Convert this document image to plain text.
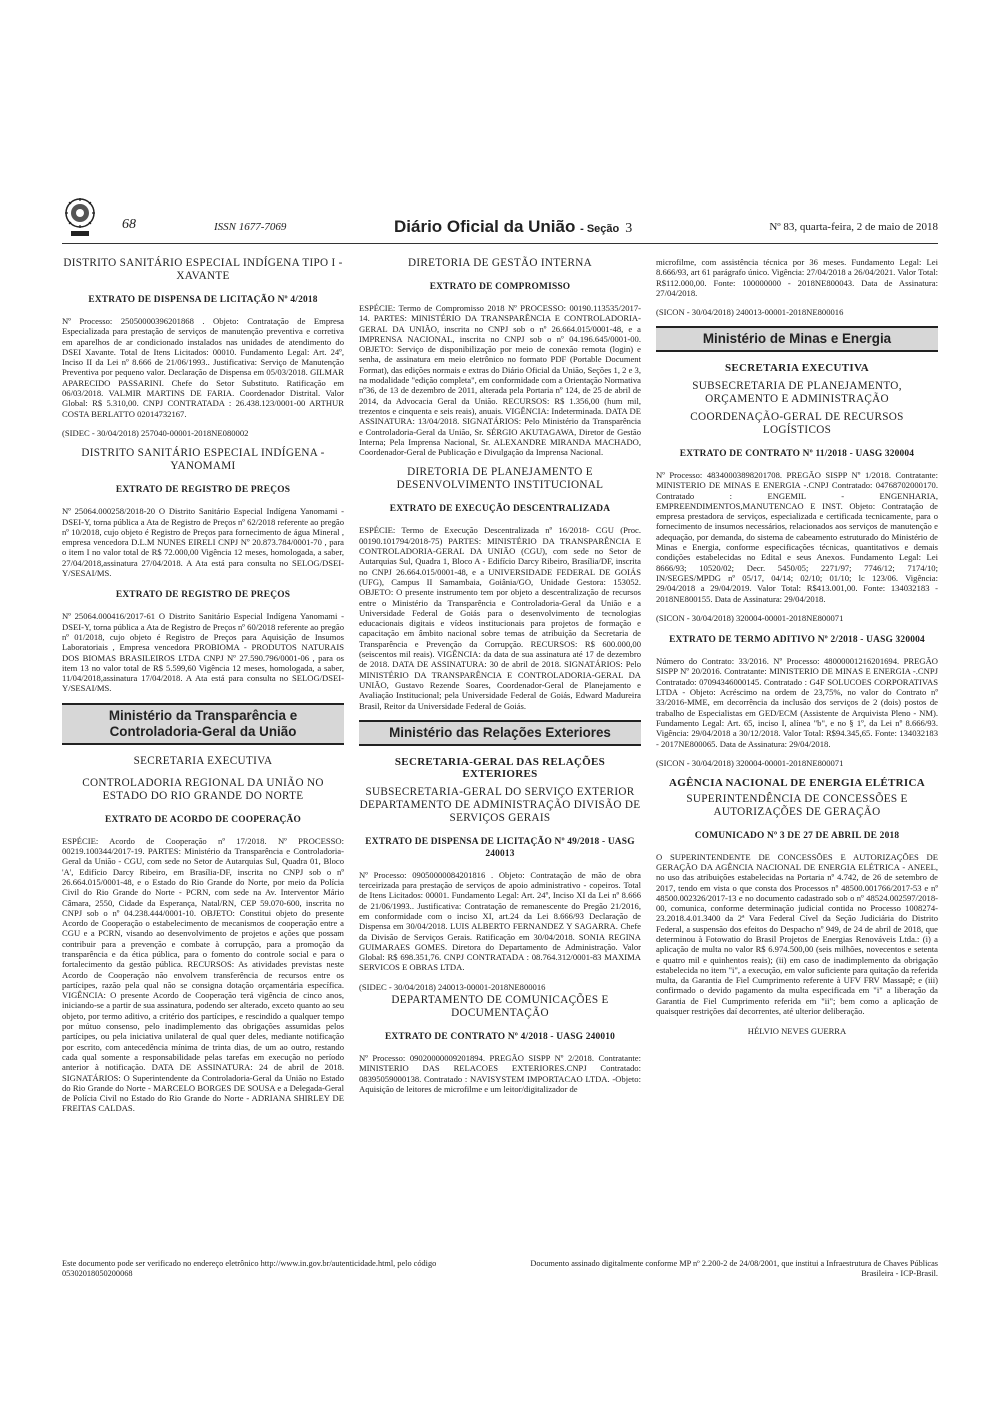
68	ISSN 1677-7069	Diário Oficial da União - Seção 3	Nº 83, quarta-feira, 2 de maio de 2018

DISTRITO SANITÁRIO ESPECIAL INDÍGENA TIPO I - XAVANTE

EXTRATO DE DISPENSA DE LICITAÇÃO Nº 4/2018

Nº Processo: 25050000396201868 . Objeto: Contratação de Empresa Especializada para prestação de serviços de manutenção preventiva e corretiva em aparelhos de ar condicionado instalados nas unidades de atendimento do DSEI Xavante. Total de Itens Licitados: 00010. Fundamento Legal: Art. 24º, Inciso II da Lei nº 8.666 de 21/06/1993.. Justificativa: Serviço de Manutenção Preventiva por pequeno valor. Declaração de Dispensa em 05/03/2018. GILMAR APARECIDO PASSARINI. Chefe do Setor Substituto. Ratificação em 06/03/2018. VALMIR MARTINS DE FARIA. Coordenador Distrital. Valor Global: R$ 5.310,00. CNPJ CONTRATADA : 26.438.123/0001-00 ARTHUR COSTA BERLATTO 02014732167.

(SIDEC - 30/04/2018) 257040-00001-2018NE080002

DISTRITO SANITÁRIO ESPECIAL INDÍGENA - YANOMAMI

EXTRATO DE REGISTRO DE PREÇOS

Nº 25064.000258/2018-20 O Distrito Sanitário Especial Indígena Yanomami - DSEI-Y, torna pública a Ata de Registro de Preços nº 62/2018 referente ao pregão nº 10/2018, cujo objeto é Registro de Preços para fornecimento de água Mineral , empresa vencedora D.L.M NUNES EIRELI CNPJ Nº 20.873.784/0001-70 , para o item I no valor total de R$ 72.000,00 Vigência 12 meses, homologada, a saber, 27/04/2018,assinatura 27/04/2018. A Ata está para consulta no SELOG/DSEI-Y/SESAI/MS.

EXTRATO DE REGISTRO DE PREÇOS

Nº 25064.000416/2017-61 O Distrito Sanitário Especial Indígena Yanomami - DSEI-Y, torna pública a Ata de Registro de Preços nº 60/2018 referente ao pregão nº 01/2018, cujo objeto é Registro de Preços para Aquisição de Insumos Laboratoriais , Empresa vencedora PROBIOMA - PRODUTOS NATURAIS DOS BIOMAS BRASILEIROS LTDA CNPJ Nº 27.590.796/0001-06 , para os item 13 no valor total de R$ 5.599,60 Vigência 12 meses, homologada, a saber, 11/04/2018,assinatura 17/04/2018. A Ata está para consulta no SELOG/DSEI-Y/SESAI/MS.

Ministério da Transparência e Controladoria-Geral da União

SECRETARIA EXECUTIVA

CONTROLADORIA REGIONAL DA UNIÃO NO ESTADO DO RIO GRANDE DO NORTE

EXTRATO DE ACORDO DE COOPERAÇÃO

ESPÉCIE: Acordo de Cooperação nº 17/2018. Nº PROCESSO: 00219.100344/2017-19. PARTES: Ministério da Transparência e Controladoria-Geral da União - CGU, com sede no Setor de Autarquias Sul, Quadra 01, Bloco 'A', Edifício Darcy Ribeiro, em Brasília-DF, inscrita no CNPJ sob o nº 26.664.015/0001-48, e o Estado do Rio Grande do Norte, por meio da Polícia Civil do Rio Grande do Norte - PCRN, com sede na Av. Interventor Mário Câmara, 2550, Cidade da Esperança, Natal/RN, CEP 59.070-600, inscrita no CNPJ sob o nº 04.238.444/0001-10. OBJETO: Constitui objeto do presente Acordo de Cooperação o estabelecimento de mecanismos de cooperação entre a CGU e a PCRN, visando ao desenvolvimento de projetos e ações que possam contribuir para a prevenção e combate à corrupção, para a promoção da transparência e da ética pública, para o fomento do controle social e para o fortalecimento da gestão pública. RECURSOS: As atividades previstas neste Acordo de Cooperação não envolvem transferência de recursos entre os partícipes, razão pela qual não se consigna dotação orçamentária específica. VIGÊNCIA: O presente Acordo de Cooperação terá vigência de cinco anos, iniciando-se a partir de sua assinatura, podendo ser alterado, exceto quanto ao seu objeto, por termo aditivo, a critério dos partícipes, e rescindido a qualquer tempo por mútuo consenso, pelo inadimplemento das obrigações assumidas pelos partícipes, ou pela iniciativa unilateral de qual quer deles, mediante notificação por escrito, com antecedência mínima de trinta dias, de um ao outro, restando cada qual somente a responsabilidade pelas tarefas em execução no período anterior à notificação. DATA DE ASSINATURA: 24 de abril de 2018. SIGNATÁRIOS: O Superintendente da Controladoria-Geral da União no Estado do Rio Grande do Norte - MARCELO BORGES DE SOUSA e a Delegada-Geral de Polícia Civil no Estado do Rio Grande do Norte - ADRIANA SHIRLEY DE FREITAS CALDAS.

DIRETORIA DE GESTÃO INTERNA

EXTRATO DE COMPROMISSO

ESPÉCIE: Termo de Compromisso 2018 Nº PROCESSO: 00190.113535/2017-14. PARTES: MINISTÉRIO DA TRANSPARÊNCIA E CONTROLADORIA-GERAL DA UNIÃO, inscrita no CNPJ sob o nº 26.664.015/0001-48, e a IMPRENSA NACIONAL, inscrita no CNPJ sob o nº 04.196.645/0001-00. OBJETO: Serviço de disponibilização por meio de conexão remota (login) e senha, de assinatura em meio eletrônico no formato PDF (Portable Document Format), das edições normais e extras do Diário Oficial da União, Seções 1, 2 e 3, na modalidade "edição completa", em conformidade com a Orientação Normativa nº36, de 13 de dezembro de 2011, alterada pela Portaria nº 124, de 25 de abril de 2014, da Advocacia Geral da União. RECURSOS: R$ 1.356,00 (hum mil, trezentos e cinquenta e seis reais), anuais. VIGÊNCIA: Indeterminada. DATA DE ASSINATURA: 13/04/2018. SIGNATÁRIOS: Pelo Ministério da Transparência e Controladoria-Geral da União, Sr. SÉRGIO AKUTAGAWA, Diretor de Gestão Interna; Pela Imprensa Nacional, Sr. ALEXANDRE MIRANDA MACHADO, Coordenador-Geral de Publicação e Divulgação da Imprensa Nacional.

DIRETORIA DE PLANEJAMENTO E DESENVOLVIMENTO INSTITUCIONAL

EXTRATO DE EXECUÇÃO DESCENTRALIZADA

ESPÉCIE: Termo de Execução Descentralizada nº 16/2018- CGU (Proc. 00190.101794/2018-75) PARTES: MINISTÉRIO DA TRANSPARÊNCIA E CONTROLADORIA-GERAL DA UNIÃO (CGU), com sede no Setor de Autarquias Sul, Quadra 1, Bloco A - Edifício Darcy Ribeiro, Brasília/DF, inscrita no CNPJ 26.664.015/0001-48, e a UNIVERSIDADE FEDERAL DE GOIÁS (UFG), Campus II Samambaia, Goiânia/GO, Unidade Gestora: 153052. OBJETO: O presente instrumento tem por objeto a descentralização de recursos entre o Ministério da Transparência e Controladoria-Geral da União e a Universidade Federal de Goiás para o desenvolvimento de tecnologias educacionais digitais e vídeos institucionais para projetos de formação e capacitação em âmbito nacional sobre temas de atribuição da Secretaria de Transparência e Prevenção da Corrupção. RECURSOS: R$ 600.000,00 (seiscentos mil reais). VIGÊNCIA: da data de sua assinatura até 17 de dezembro de 2018. DATA DE ASSINATURA: 30 de abril de 2018. SIGNATÁRIOS: Pelo MINISTÉRIO DA TRANSPARÊNCIA E CONTROLADORIA-GERAL DA UNIÃO, Gustavo Rezende Soares, Coordenador-Geral de Planejamento e Avaliação Institucional; pela Universidade Federal de Goiás, Edward Madureira Brasil, Reitor da Universidade Federal de Goiás.

Ministério das Relações Exteriores

SECRETARIA-GERAL DAS RELAÇÕES EXTERIORES

SUBSECRETARIA-GERAL DO SERVIÇO EXTERIOR DEPARTAMENTO DE ADMINISTRAÇÃO DIVISÃO DE SERVIÇOS GERAIS

EXTRATO DE DISPENSA DE LICITAÇÃO Nº 49/2018 - UASG 240013

Nº Processo: 09050000084201816 . Objeto: Contratação de mão de obra terceirizada para prestação de serviços de apoio administrativo - copeiros. Total de Itens Licitados: 00001. Fundamento Legal: Art. 24º, Inciso XI da Lei nº 8.666 de 21/06/1993.. Justificativa: Contratação de remanescente do Pregão 21/2016, em conformidade com o inciso XI, art.24 da Lei 8.666/93 Declaração de Dispensa em 30/04/2018. LUIS ALBERTO FERNANDEZ Y SAGARRA. Chefe da Divisão de Serviços Gerais. Ratificação em 30/04/2018. SONIA REGINA GUIMARAES GOMES. Diretora do Departamento de Administração. Valor Global: R$ 698.351,76. CNPJ CONTRATADA : 08.764.312/0001-83 MAXIMA SERVICOS E OBRAS LTDA.

(SIDEC - 30/04/2018) 240013-00001-2018NE800016

DEPARTAMENTO DE COMUNICAÇÕES E DOCUMENTAÇÃO

EXTRATO DE CONTRATO Nº 4/2018 - UASG 240010

Nº Processo: 09020000009201894. PREGÃO SISPP Nº 2/2018. Contratante: MINISTERIO DAS RELACOES EXTERIORES.CNPJ Contratado: 08395059000138. Contratado : NAVISYSTEM IMPORTACAO LTDA. -Objeto: Aquisição de leitores de microfilme e um leitor/digitalizador de

microfilme, com assistência técnica por 36 meses. Fundamento Legal: Lei 8.666/93, art 61 parágrafo único. Vigência: 27/04/2018 a 26/04/2021. Valor Total: R$112.000,00. Fonte: 100000000 - 2018NE800043. Data de Assinatura: 27/04/2018.

(SICON - 30/04/2018) 240013-00001-2018NE800016

Ministério de Minas e Energia

SECRETARIA EXECUTIVA

SUBSECRETARIA DE PLANEJAMENTO, ORÇAMENTO E ADMINISTRAÇÃO

COORDENAÇÃO-GERAL DE RECURSOS LOGÍSTICOS

EXTRATO DE CONTRATO Nº 11/2018 - UASG 320004

Nº Processo: 48340003898201708. PREGÃO SISPP Nº 1/2018. Contratante: MINISTERIO DE MINAS E ENERGIA -.CNPJ Contratado: 04768702000170. Contratado : ENGEMIL - ENGENHARIA, EMPREENDIMENTOS,MANUTENCAO E INST. Objeto: Contratação de empresa prestadora de serviços, especializada e certificada tecnicamente, para o fornecimento de insumos necessários, relacionados aos serviços de manutenção e adequação, por demanda, do sistema de cabeamento estruturado do Ministério de Minas e Energia, conforme especificações técnicas, quantitativos e demais condições estabelecidas no Edital e seus Anexos. Fundamento Legal: Lei 8666/93; 10520/02; Decr. 5450/05; 2271/97; 7746/12; 7174/10; IN/SEGES/MPDG nº 05/17, 04/14; 02/10; 01/10; lc 123/06. Vigência: 29/04/2018 a 29/04/2019. Valor Total: R$413.001,00. Fonte: 134032183 - 2018NE800155. Data de Assinatura: 29/04/2018.

(SICON - 30/04/2018) 320004-00001-2018NE800071

EXTRATO DE TERMO ADITIVO Nº 2/2018 - UASG 320004

Número do Contrato: 33/2016. Nº Processo: 48000001216201694. PREGÃO SISPP Nº 20/2016. Contratante: MINISTERIO DE MINAS E ENERGIA -.CNPJ Contratado: 07094346000145. Contratado : G4F SOLUCOES CORPORATIVAS LTDA - Objeto: Acréscimo na ordem de 23,75%, no valor do Contrato nº 33/2016-MME, em decorrência da inclusão dos serviços de 2 (dois) postos de trabalho de Especialistas em GED/ECM (Assistente de Arquivista Pleno - NM). Fundamento Legal: Art. 65, inciso I, alínea "b", e no § 1º, da Lei nº 8.666/93. Vigência: 29/04/2018 a 30/12/2018. Valor Total: R$94.345,65. Fonte: 134032183 - 2017NE800065. Data de Assinatura: 29/04/2018.

(SICON - 30/04/2018) 320004-00001-2018NE800071

AGÊNCIA NACIONAL DE ENERGIA ELÉTRICA

SUPERINTENDÊNCIA DE CONCESSÕES E AUTORIZAÇÕES DE GERAÇÃO

COMUNICADO Nº 3 DE 27 DE ABRIL DE 2018

O SUPERINTENDENTE DE CONCESSÕES E AUTORIZAÇÕES DE GERAÇÃO DA AGÊNCIA NACIONAL DE ENERGIA ELÉTRICA - ANEEL, no uso das atribuições estabelecidas na Portaria nº 4.742, de 26 de setembro de 2017, tendo em vista o que consta dos Processos nº 48500.001766/2017-53 e nº 48500.002326/2017-13 e no documento cadastrado sob o nº 48524.002597/2018-00, comunica, conforme determinação judicial contida no Processo 1008274-23.2018.4.01.3400 da 2ª Vara Federal Cível da Seção Judiciária do Distrito Federal, a suspensão dos efeitos do Despacho nº 949, de 24 de abril de 2018, que determinou à Fotowatio do Brasil Projetos de Energias Renováveis Ltda.: (i) a aplicação de multa no valor R$ 6.974.500,00 (seis milhões, novecentos e setenta e quatro mil e quinhentos reais); (ii) em caso de inadimplemento da obrigação estabelecida no item "i", a execução, em valor suficiente para quitação da referida multa, da Garantia de Fiel Cumprimento referente à UFV FRV Massapê; e (iii) confirmado o devido pagamento da multa especificada em "i" a liberação da Garantia de Fiel Cumprimento referida em "ii"; bem como a aplicação de quaisquer restrições daí decorrentes, até ulterior deliberação.

HÉLVIO NEVES GUERRA

Este documento pode ser verificado no endereço eletrônico http://www.in.gov.br/autenticidade.html, pelo código 05302018050200068
Documento assinado digitalmente conforme MP nº 2.200-2 de 24/08/2001, que institui a Infraestrutura de Chaves Públicas Brasileira - ICP-Brasil.
